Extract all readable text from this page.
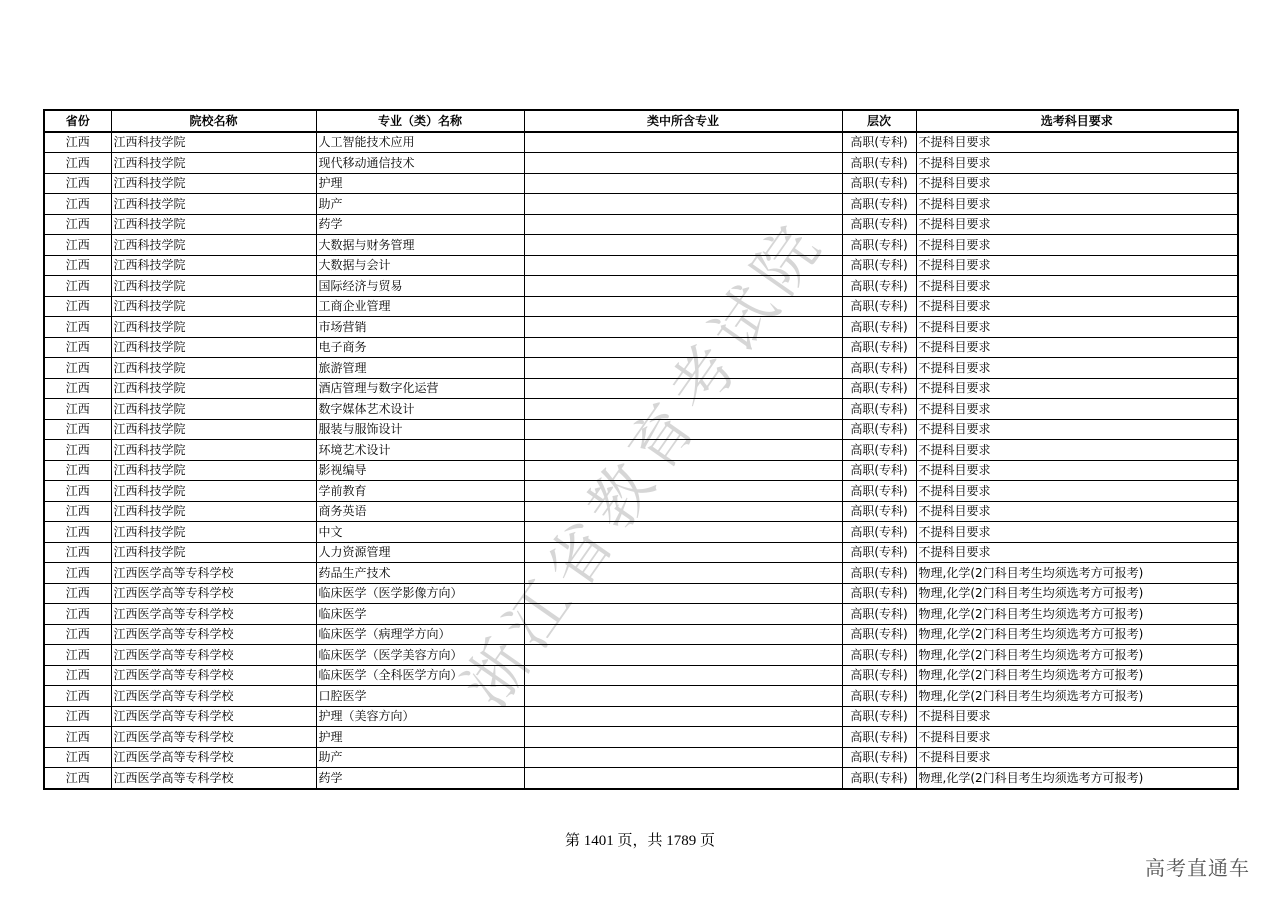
浙江省教育考试院
省份	院校名称	专业（类）名称	类中所含专业	层次	选考科目要求
江西	江西科技学院	人工智能技术应用		高职(专科)	不提科目要求
江西	江西科技学院	现代移动通信技术		高职(专科)	不提科目要求
江西	江西科技学院	护理		高职(专科)	不提科目要求
江西	江西科技学院	助产		高职(专科)	不提科目要求
江西	江西科技学院	药学		高职(专科)	不提科目要求
江西	江西科技学院	大数据与财务管理		高职(专科)	不提科目要求
江西	江西科技学院	大数据与会计		高职(专科)	不提科目要求
江西	江西科技学院	国际经济与贸易		高职(专科)	不提科目要求
江西	江西科技学院	工商企业管理		高职(专科)	不提科目要求
江西	江西科技学院	市场营销		高职(专科)	不提科目要求
江西	江西科技学院	电子商务		高职(专科)	不提科目要求
江西	江西科技学院	旅游管理		高职(专科)	不提科目要求
江西	江西科技学院	酒店管理与数字化运营		高职(专科)	不提科目要求
江西	江西科技学院	数字媒体艺术设计		高职(专科)	不提科目要求
江西	江西科技学院	服装与服饰设计		高职(专科)	不提科目要求
江西	江西科技学院	环境艺术设计		高职(专科)	不提科目要求
江西	江西科技学院	影视编导		高职(专科)	不提科目要求
江西	江西科技学院	学前教育		高职(专科)	不提科目要求
江西	江西科技学院	商务英语		高职(专科)	不提科目要求
江西	江西科技学院	中文		高职(专科)	不提科目要求
江西	江西科技学院	人力资源管理		高职(专科)	不提科目要求
江西	江西医学高等专科学校	药品生产技术		高职(专科)	物理,化学(2门科目考生均须选考方可报考)
江西	江西医学高等专科学校	临床医学（医学影像方向）		高职(专科)	物理,化学(2门科目考生均须选考方可报考)
江西	江西医学高等专科学校	临床医学		高职(专科)	物理,化学(2门科目考生均须选考方可报考)
江西	江西医学高等专科学校	临床医学（病理学方向）		高职(专科)	物理,化学(2门科目考生均须选考方可报考)
江西	江西医学高等专科学校	临床医学（医学美容方向）		高职(专科)	物理,化学(2门科目考生均须选考方可报考)
江西	江西医学高等专科学校	临床医学（全科医学方向）		高职(专科)	物理,化学(2门科目考生均须选考方可报考)
江西	江西医学高等专科学校	口腔医学		高职(专科)	物理,化学(2门科目考生均须选考方可报考)
江西	江西医学高等专科学校	护理（美容方向）		高职(专科)	不提科目要求
江西	江西医学高等专科学校	护理		高职(专科)	不提科目要求
江西	江西医学高等专科学校	助产		高职(专科)	不提科目要求
江西	江西医学高等专科学校	药学		高职(专科)	物理,化学(2门科目考生均须选考方可报考)
第 1401 页，共 1789 页
高考直通车
